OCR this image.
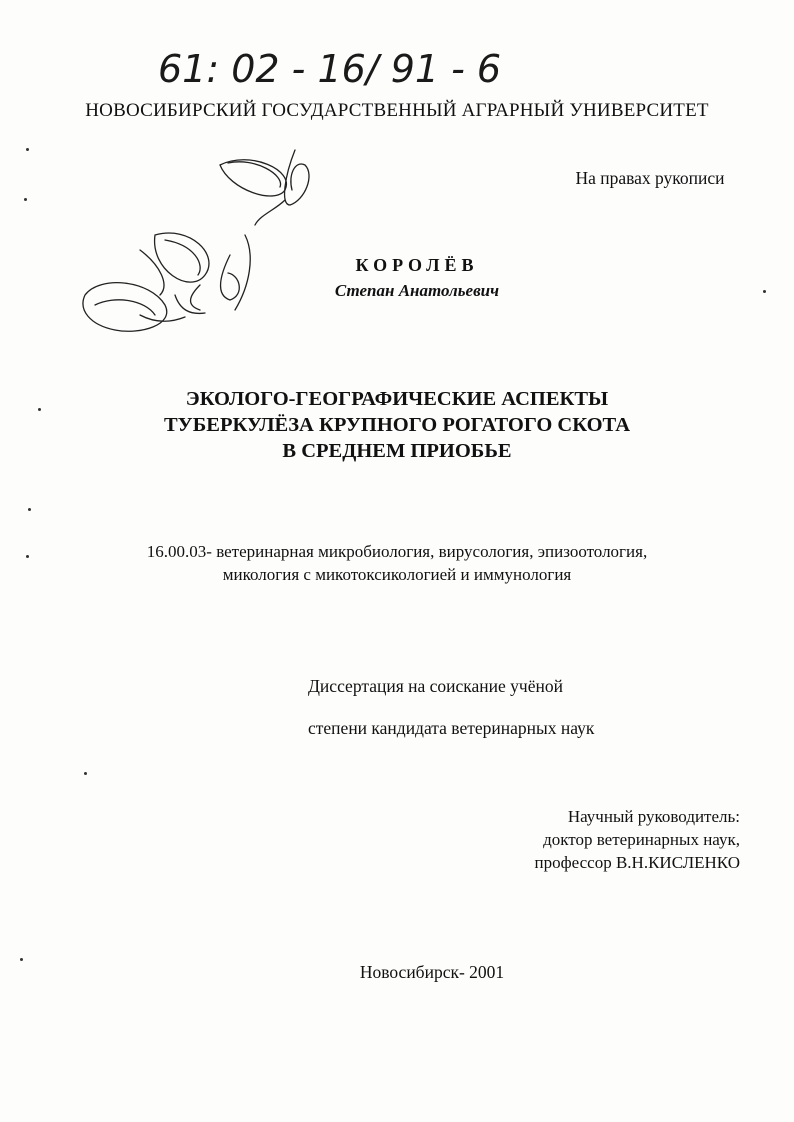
61: 02 - 16/ 91 - 6
НОВОСИБИРСКИЙ ГОСУДАРСТВЕННЫЙ АГРАРНЫЙ УНИВЕРСИТЕТ
На правах рукописи
КОРОЛЁВ
Степан Анатольевич
ЭКОЛОГО-ГЕОГРАФИЧЕСКИЕ АСПЕКТЫ
ТУБЕРКУЛЁЗА КРУПНОГО РОГАТОГО СКОТА
В СРЕДНЕМ ПРИОБЬЕ
16.00.03- ветеринарная микробиология, вирусология, эпизоотология,
микология с микотоксикологией и иммунология
Диссертация на соискание учёной
степени кандидата ветеринарных наук
Научный руководитель:
доктор ветеринарных наук,
профессор В.Н.КИСЛЕНКО
Новосибирск- 2001
